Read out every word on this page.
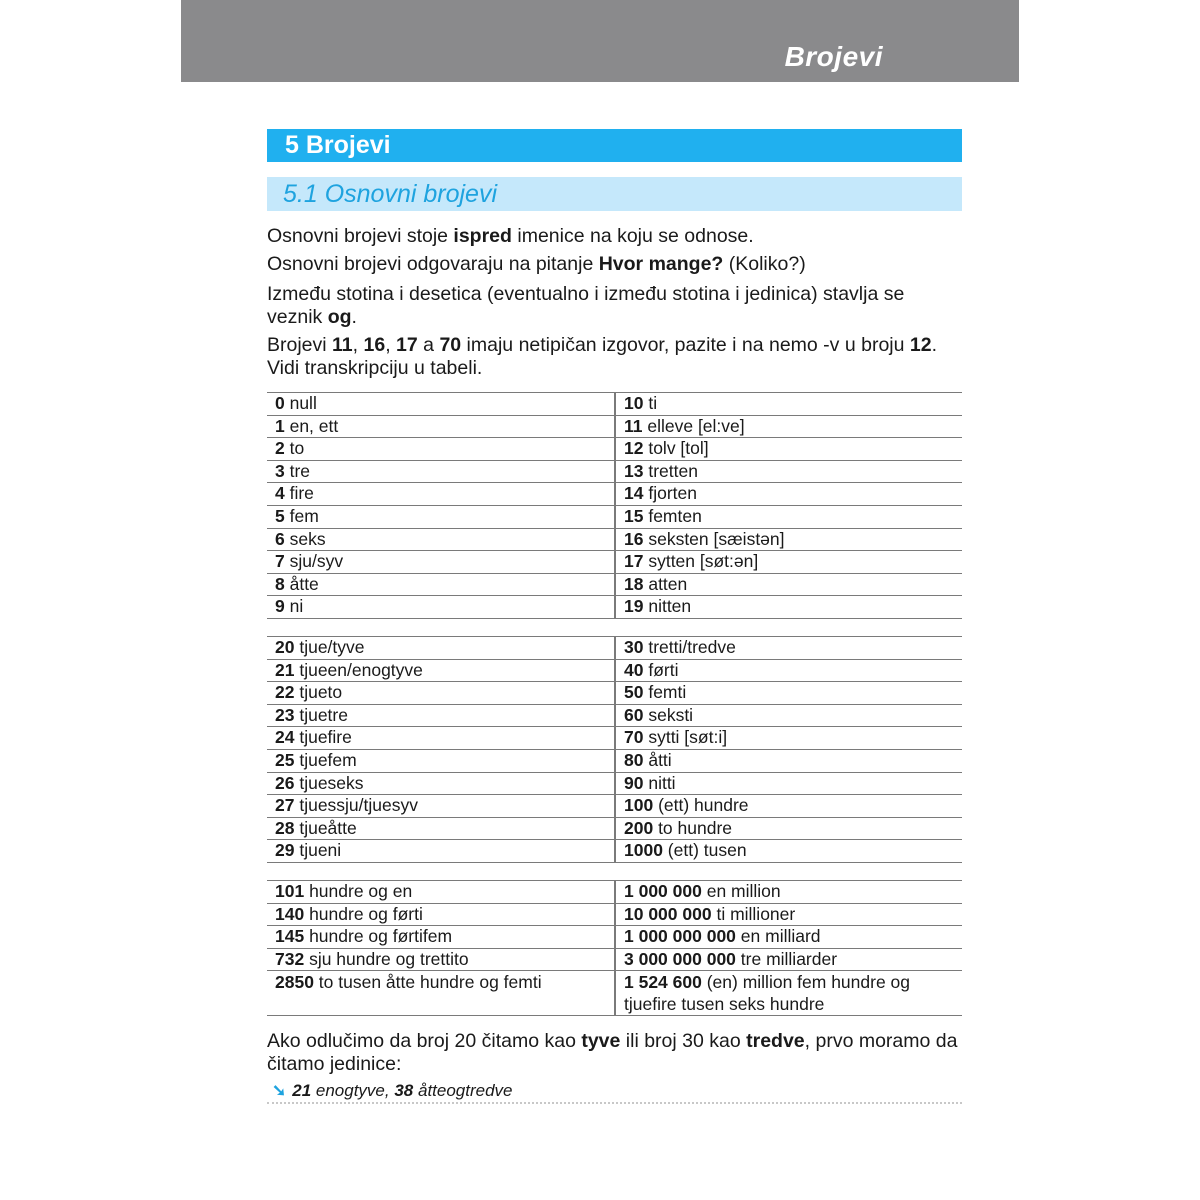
Brojevi	43
5 Brojevi
5.1 Osnovni brojevi
Osnovni brojevi stoje ispred imenice na koju se odnose.
Osnovni brojevi odgovaraju na pitanje Hvor mange? (Koliko?)
Između stotina i desetica (eventualno i između stotina i jedinica) stavlja se veznik og.
Brojevi 11, 16, 17 a 70 imaju netipičan izgovor, pazite i na nemo -v u broju 12. Vidi transkripciju u tabeli.
0 null	10 ti
1 en, ett	11 elleve [el:ve]
2 to	12 tolv [tol]
3 tre	13 tretten
4 fire	14 fjorten
5 fem	15 femten
6 seks	16 seksten [sæistən]
7 sju/syv	17 sytten [søt:ən]
8 åtte	18 atten
9 ni	19 nitten
20 tjue/tyve	30 tretti/tredve
21 tjueen/enogtyve	40 førti
22 tjueto	50 femti
23 tjuetre	60 seksti
24 tjuefire	70 sytti [søt:i]
25 tjuefem	80 åtti
26 tjueseks	90 nitti
27 tjuessju/tjuesyv	100 (ett) hundre
28 tjueåtte	200 to hundre
29 tjueni	1000 (ett) tusen
101 hundre og en	1 000 000 en million
140 hundre og førti	10 000 000 ti millioner
145 hundre og førtifem	1 000 000 000 en milliard
732 sju hundre og trettito	3 000 000 000 tre milliarder
2850 to tusen åtte hundre og femti	1 524 600 (en) million fem hundre og tjuefire tusen seks hundre
Ako odlučimo da broj 20 čitamo kao tyve ili broj 30 kao tredve, prvo moramo da čitamo jedinice:
➘ 21 enogtyve, 38 åtteogtredve
